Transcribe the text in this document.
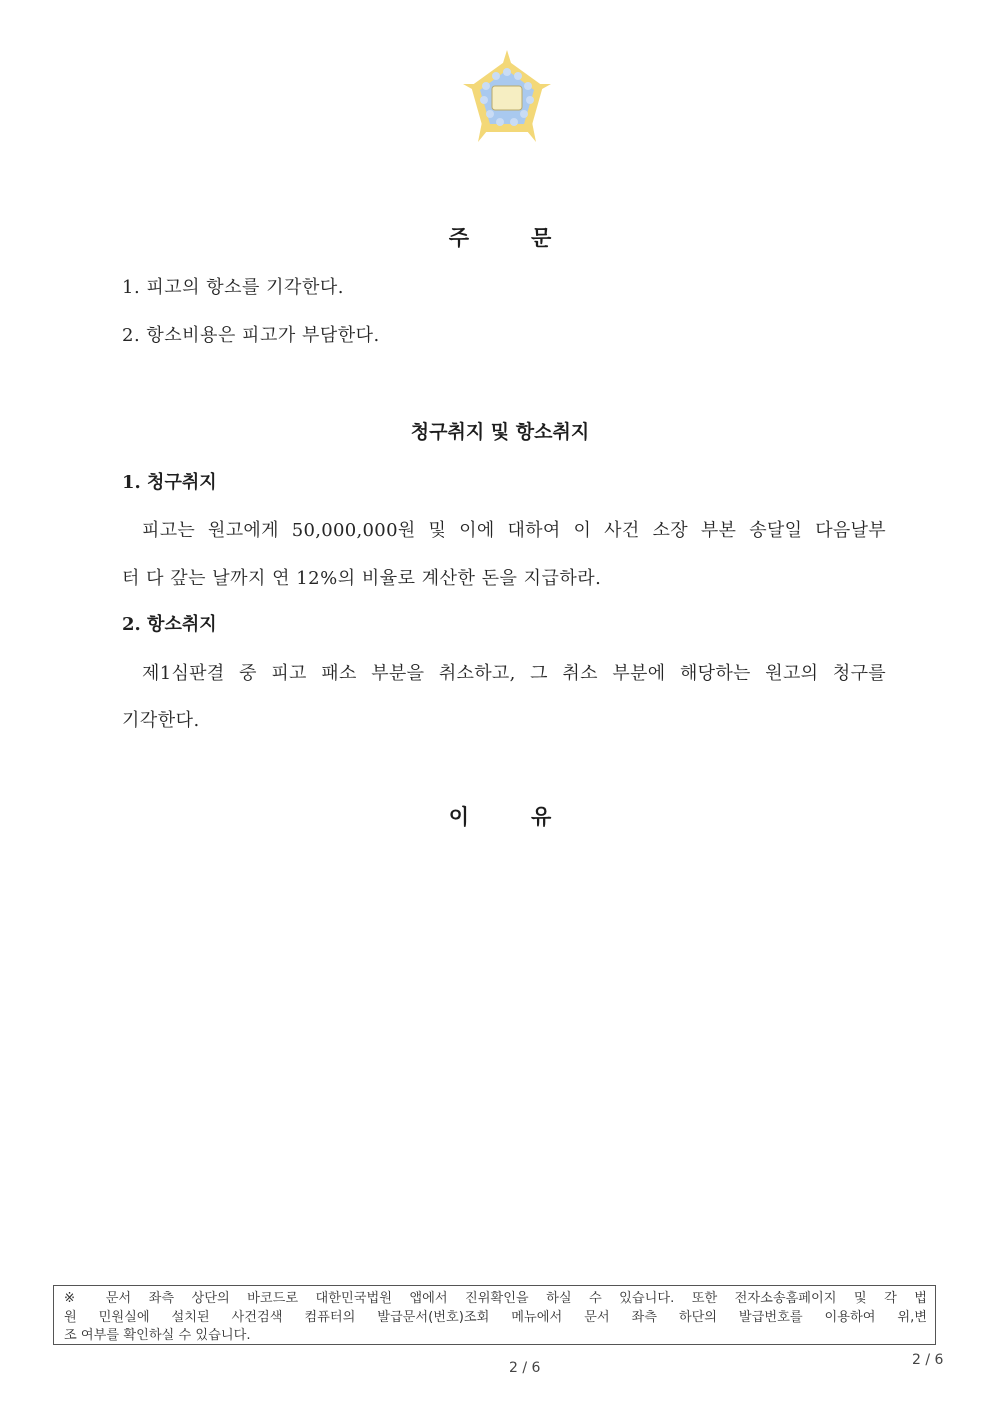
주	문
1. 피고의 항소를 기각한다.
2. 항소비용은 피고가 부담한다.
청구취지 및 항소취지
1. 청구취지
피고는 원고에게 50,000,000원 및 이에 대하여 이 사건 소장 부본 송달일 다음날부
터 다 갚는 날까지 연 12%의 비율로 계산한 돈을 지급하라.
2. 항소취지
제1심판결 중 피고 패소 부분을 취소하고, 그 취소 부분에 해당하는 원고의 청구를
기각한다.
이	유
※ 문서 좌측 상단의 바코드로 대한민국법원 앱에서 진위확인을 하실 수 있습니다. 또한 전자소송홈페이지 및 각 법
원 민원실에 설치된 사건검색 컴퓨터의 발급문서(번호)조회 메뉴에서 문서 좌측 하단의 발급번호를 이용하여 위,변
조 여부를 확인하실 수 있습니다.
2 / 6	2 / 6
